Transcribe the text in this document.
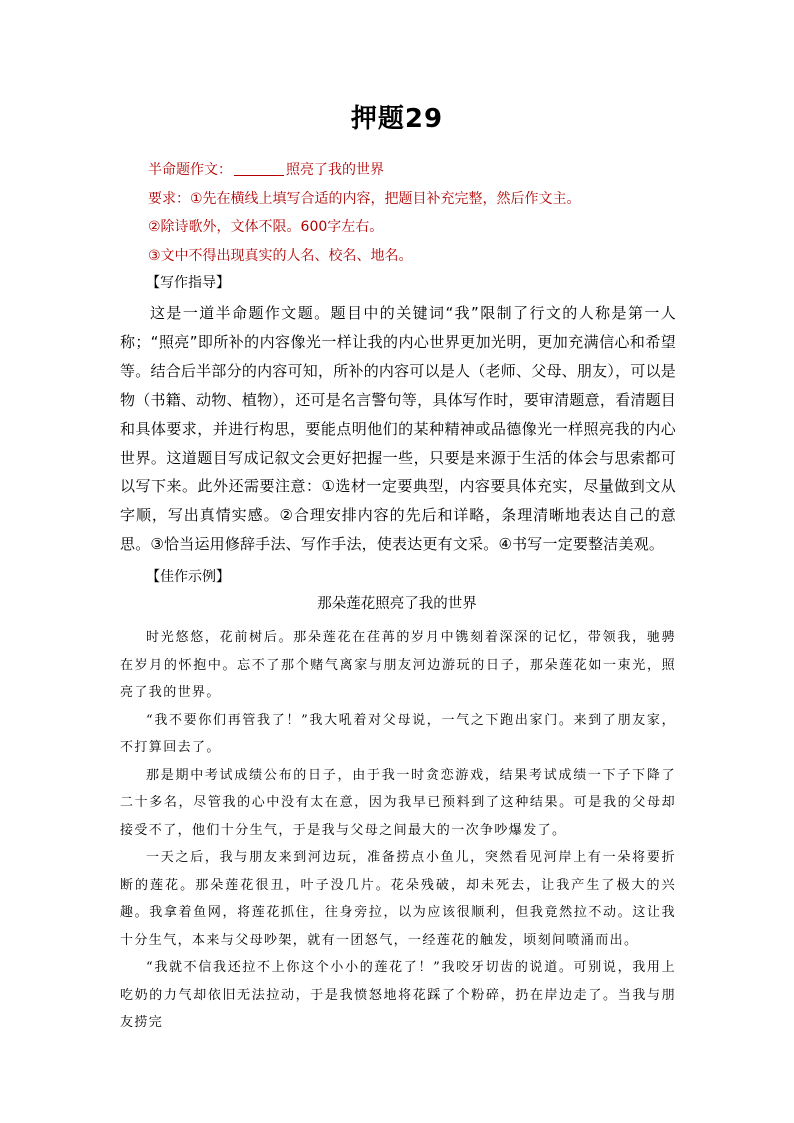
押题29
半命题作文：	照亮了我的世界
要求：①先在横线上填写合适的内容，把题目补充完整，然后作文主。
②除诗歌外，文体不限。600字左右。
③文中不得出现真实的人名、校名、地名。
【写作指导】
这是一道半命题作文题。题目中的关键词“我”限制了行文的人称是第一人称；“照亮”即所补的内容像光一样让我的内心世界更加光明，更加充满信心和希望等。结合后半部分的内容可知，所补的内容可以是人（老师、父母、朋友），可以是物（书籍、动物、植物），还可是名言警句等，具体写作时，要审清题意，看清题目和具体要求，并进行构思，要能点明他们的某种精神或品德像光一样照亮我的内心世界。这道题目写成记叙文会更好把握一些，只要是来源于生活的体会与思索都可以写下来。此外还需要注意：①选材一定要典型，内容要具体充实，尽量做到文从字顺，写出真情实感。②合理安排内容的先后和详略，条理清晰地表达自己的意思。③恰当运用修辞手法、写作手法，使表达更有文采。④书写一定要整洁美观。
【佳作示例】
那朵莲花照亮了我的世界

时光悠悠，花前树后。那朵莲花在荏苒的岁月中镌刻着深深的记忆，带领我，驰骋在岁月的怀抱中。忘不了那个赌气离家与朋友河边游玩的日子，那朵莲花如一束光，照亮了我的世界。

“我不要你们再管我了！”我大吼着对父母说，一气之下跑出家门。来到了朋友家，不打算回去了。

那是期中考试成绩公布的日子，由于我一时贪恋游戏，结果考试成绩一下子下降了二十多名，尽管我的心中没有太在意，因为我早已预料到了这种结果。可是我的父母却接受不了，他们十分生气，于是我与父母之间最大的一次争吵爆发了。

一天之后，我与朋友来到河边玩，准备捞点小鱼儿，突然看见河岸上有一朵将要折断的莲花。那朵莲花很丑，叶子没几片。花朵残破，却未死去，让我产生了极大的兴趣。我拿着鱼网，将莲花抓住，往身旁拉，以为应该很顺利，但我竟然拉不动。这让我十分生气，本来与父母吵架，就有一团怒气，一经莲花的触发，顷刻间喷涌而出。

“我就不信我还拉不上你这个小小的莲花了！”我咬牙切齿的说道。可别说，我用上吃奶的力气却依旧无法拉动，于是我愤怒地将花踩了个粉碎，扔在岸边走了。当我与朋友捞完
